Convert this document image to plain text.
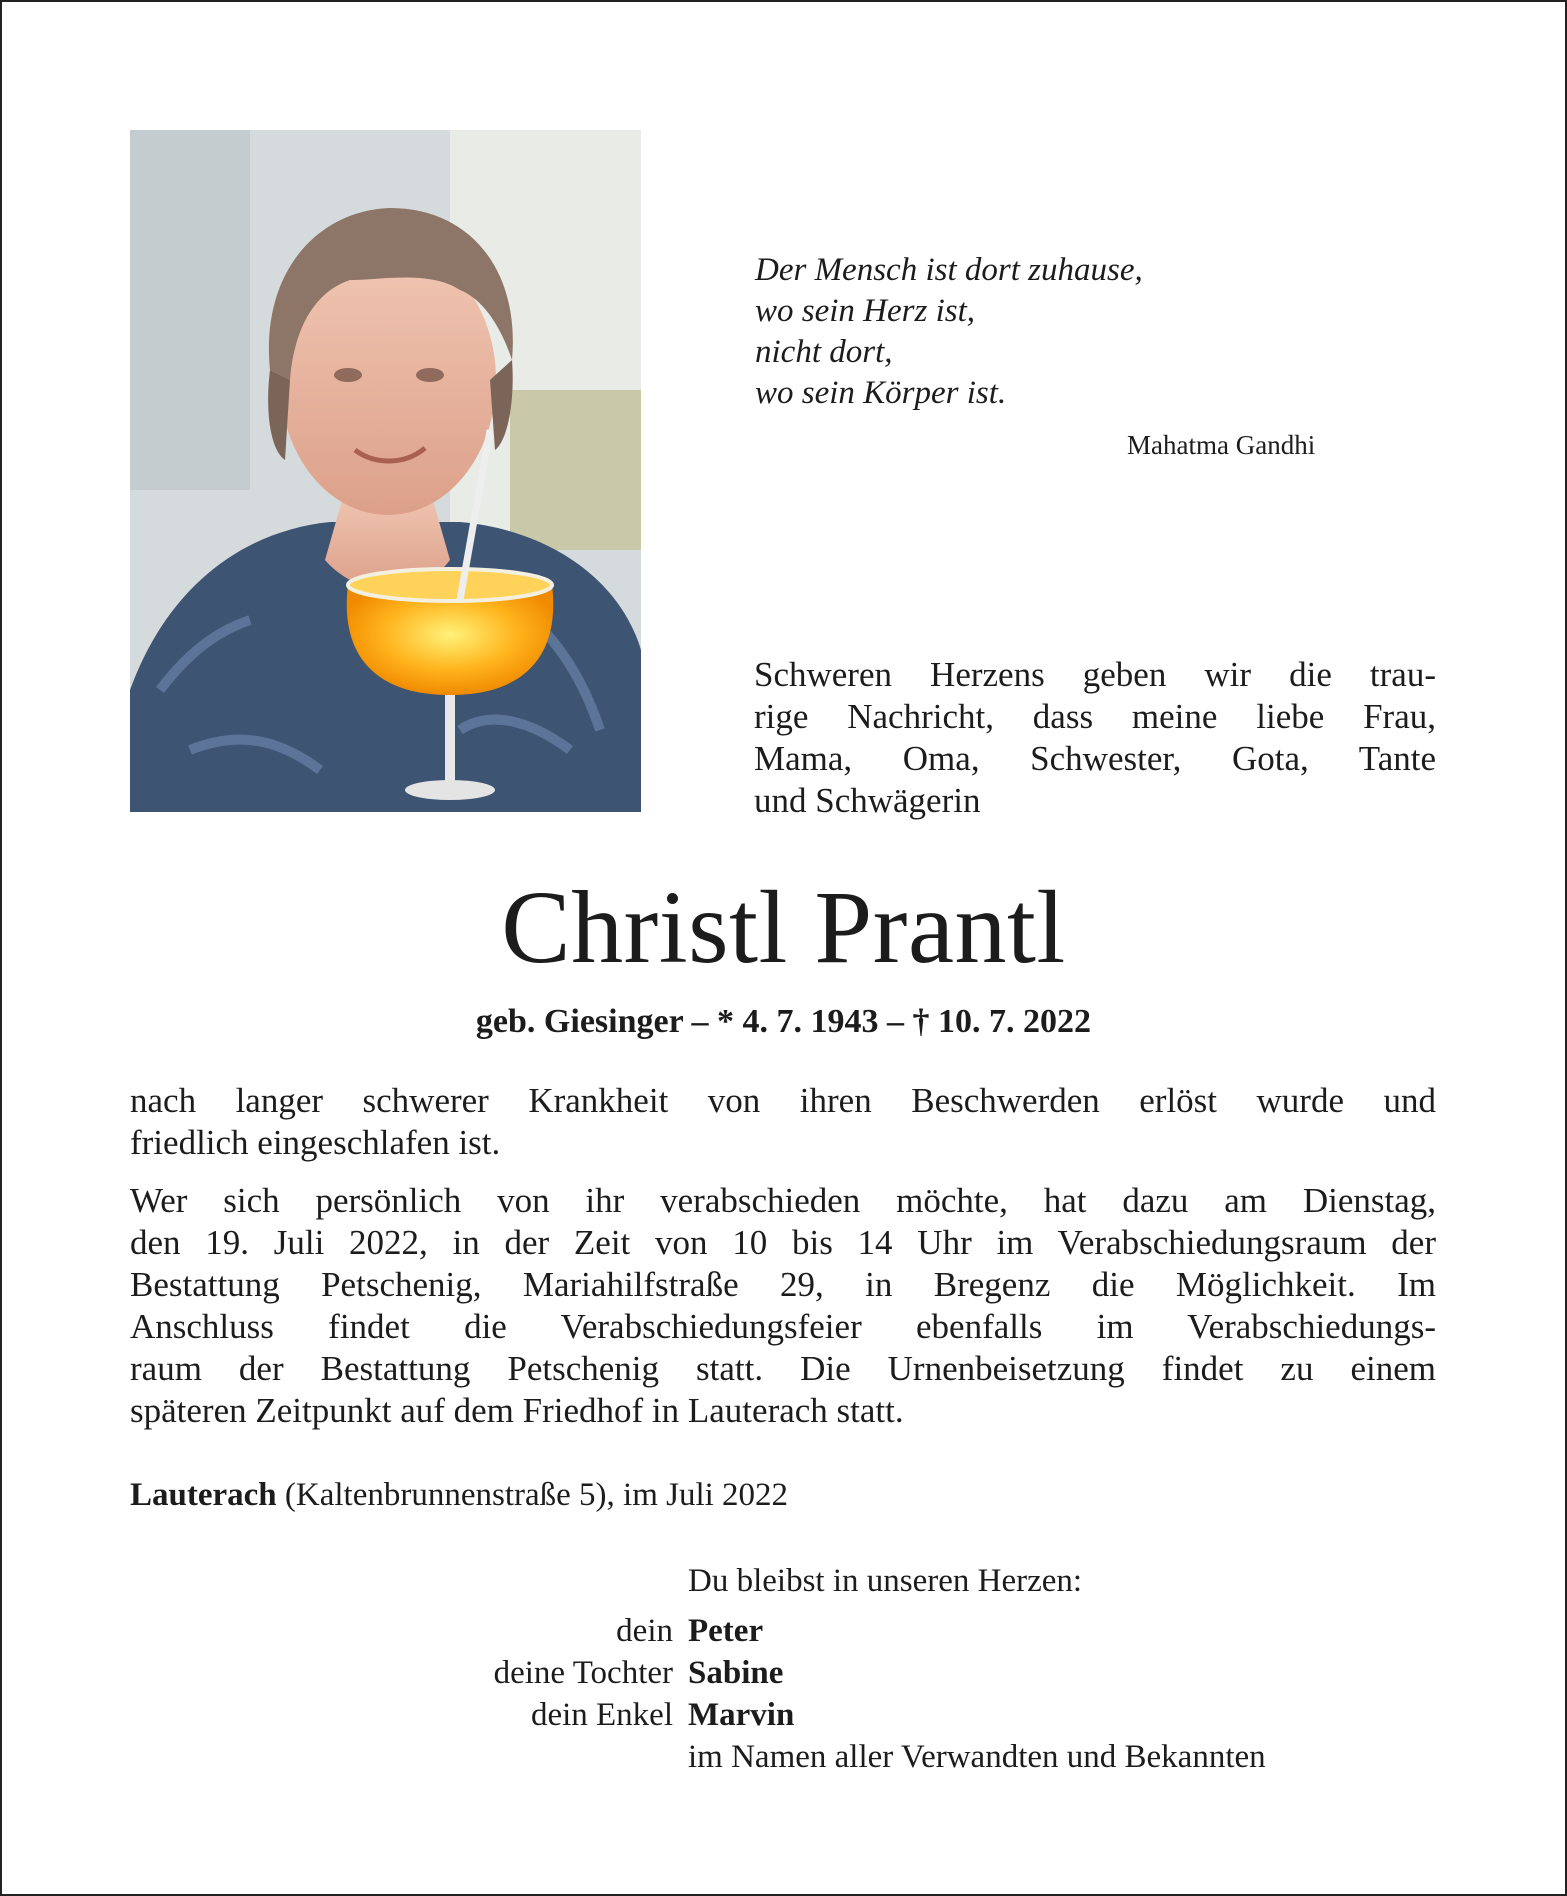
Der Mensch ist dort zuhause,
wo sein Herz ist,
nicht dort,
wo sein Körper ist.
Mahatma Gandhi
Schweren Herzens geben wir die trau-
rige Nachricht, dass meine liebe Frau,
Mama, Oma, Schwester, Gota, Tante
und Schwägerin
Christl Prantl
geb. Giesinger – * 4. 7. 1943 – † 10. 7. 2022
nach langer schwerer Krankheit von ihren Beschwerden erlöst wurde und
friedlich eingeschlafen ist.
Wer sich persönlich von ihr verabschieden möchte, hat dazu am Dienstag,
den 19. Juli 2022, in der Zeit von 10 bis 14 Uhr im Verabschiedungsraum der
Bestattung Petschenig, Mariahilfstraße 29, in Bregenz die Möglichkeit. Im
Anschluss findet die Verabschiedungsfeier ebenfalls im Verabschiedungs-
raum der Bestattung Petschenig statt. Die Urnenbeisetzung findet zu einem
späteren Zeitpunkt auf dem Friedhof in Lauterach statt.
Lauterach (Kaltenbrunnenstraße 5), im Juli 2022
Du bleibst in unseren Herzen:
dein Peter
deine Tochter Sabine
dein Enkel Marvin
im Namen aller Verwandten und Bekannten
